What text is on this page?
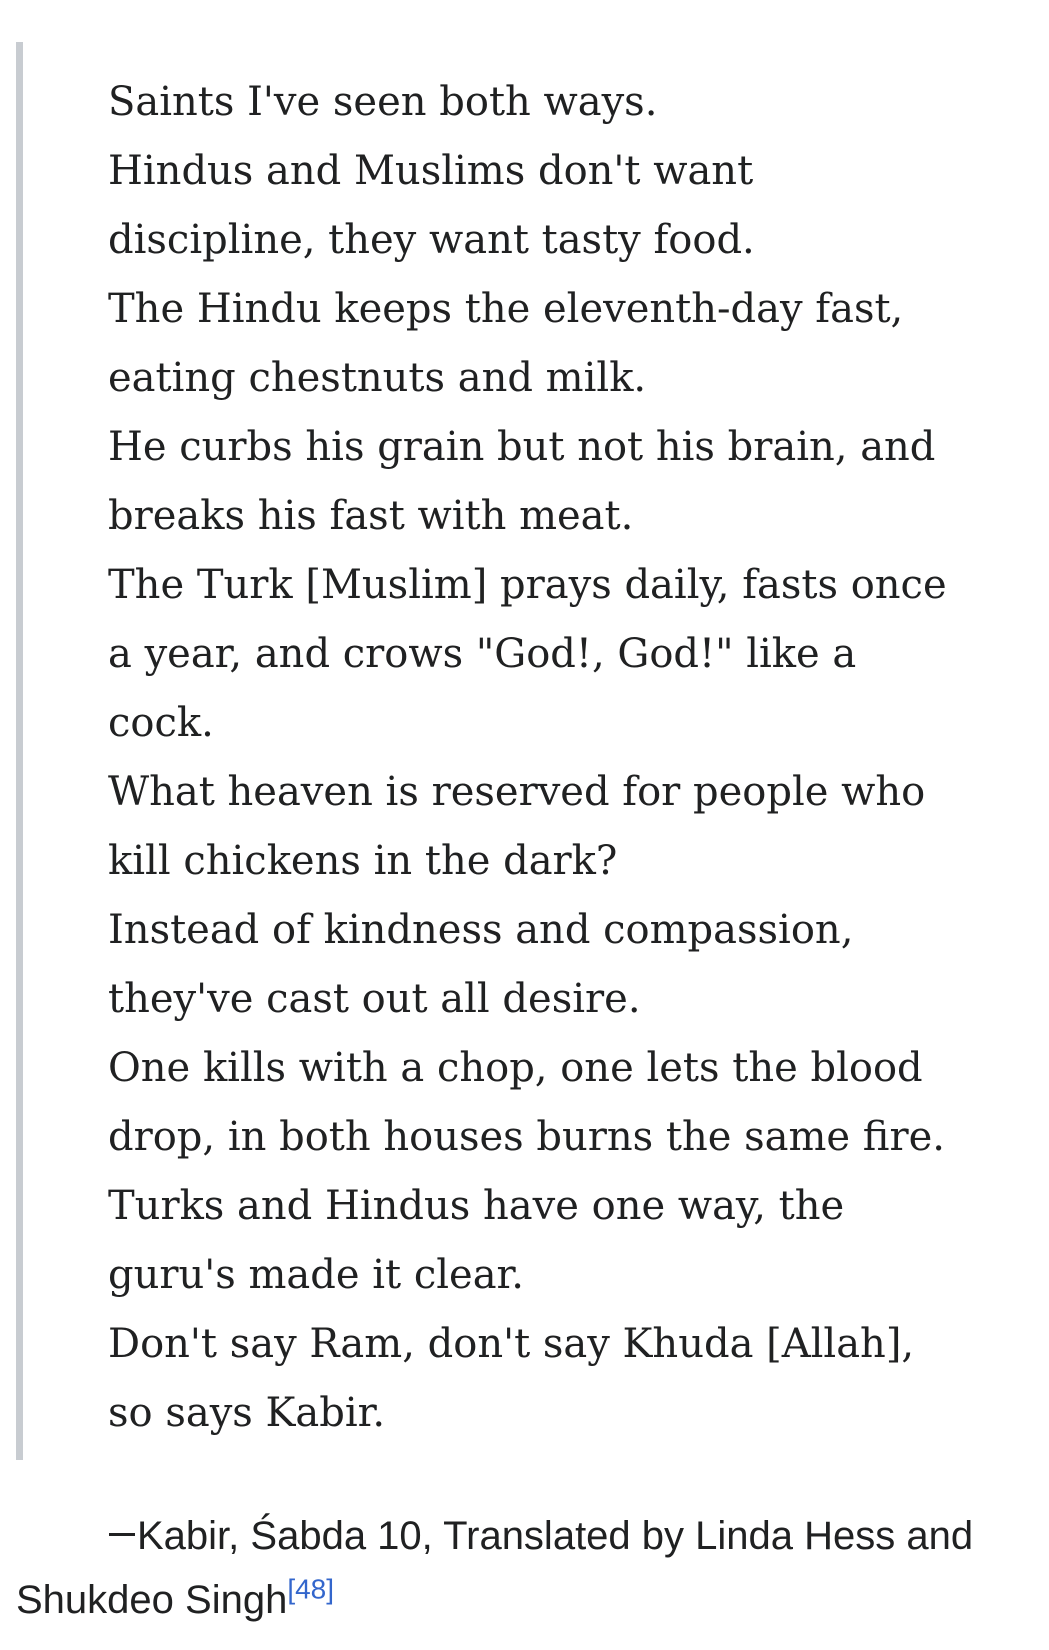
Saints I've seen both ways.
Hindus and Muslims don't want discipline, they want tasty food.
The Hindu keeps the eleventh-day fast, eating chestnuts and milk.
He curbs his grain but not his brain, and breaks his fast with meat.
The Turk [Muslim] prays daily, fasts once a year, and crows "God!, God!" like a cock.
What heaven is reserved for people who kill chickens in the dark?
Instead of kindness and compassion, they've cast out all desire.
One kills with a chop, one lets the blood drop, in both houses burns the same fire.
Turks and Hindus have one way, the guru's made it clear.
Don't say Ram, don't say Khuda [Allah], so says Kabir.
Kabir, Śabda 10, Translated by Linda Hess and Shukdeo Singh[48]
